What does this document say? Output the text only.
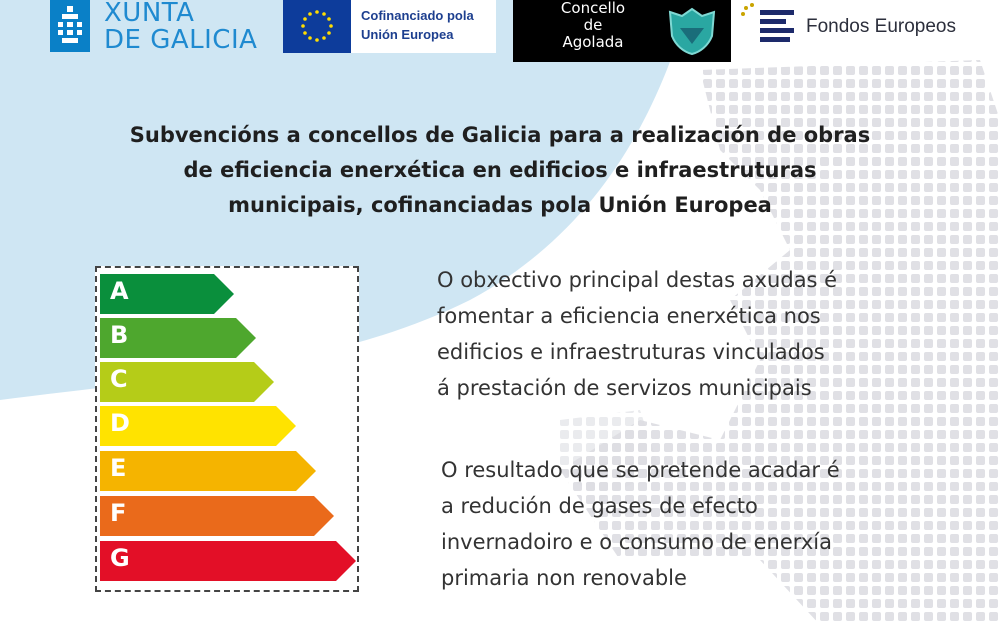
XUNTA
DE GALICIA
Cofinanciado pola
Unión Europea
Concello
de
Agolada
Fondos Europeos
Subvencións a concellos de Galicia para a realización de obras
de eficiencia enerxética en edificios e infraestruturas
municipais, cofinanciadas pola Unión Europea
A
B
C
D
E
F
G

O obxectivo principal destas axudas é
fomentar a eficiencia enerxética nos
edificios e infraestruturas vinculados
á prestación de servizos municipais

O resultado que se pretende acadar é
a redución de gases de efecto
invernadoiro e o consumo de enerxía
primaria non renovable
